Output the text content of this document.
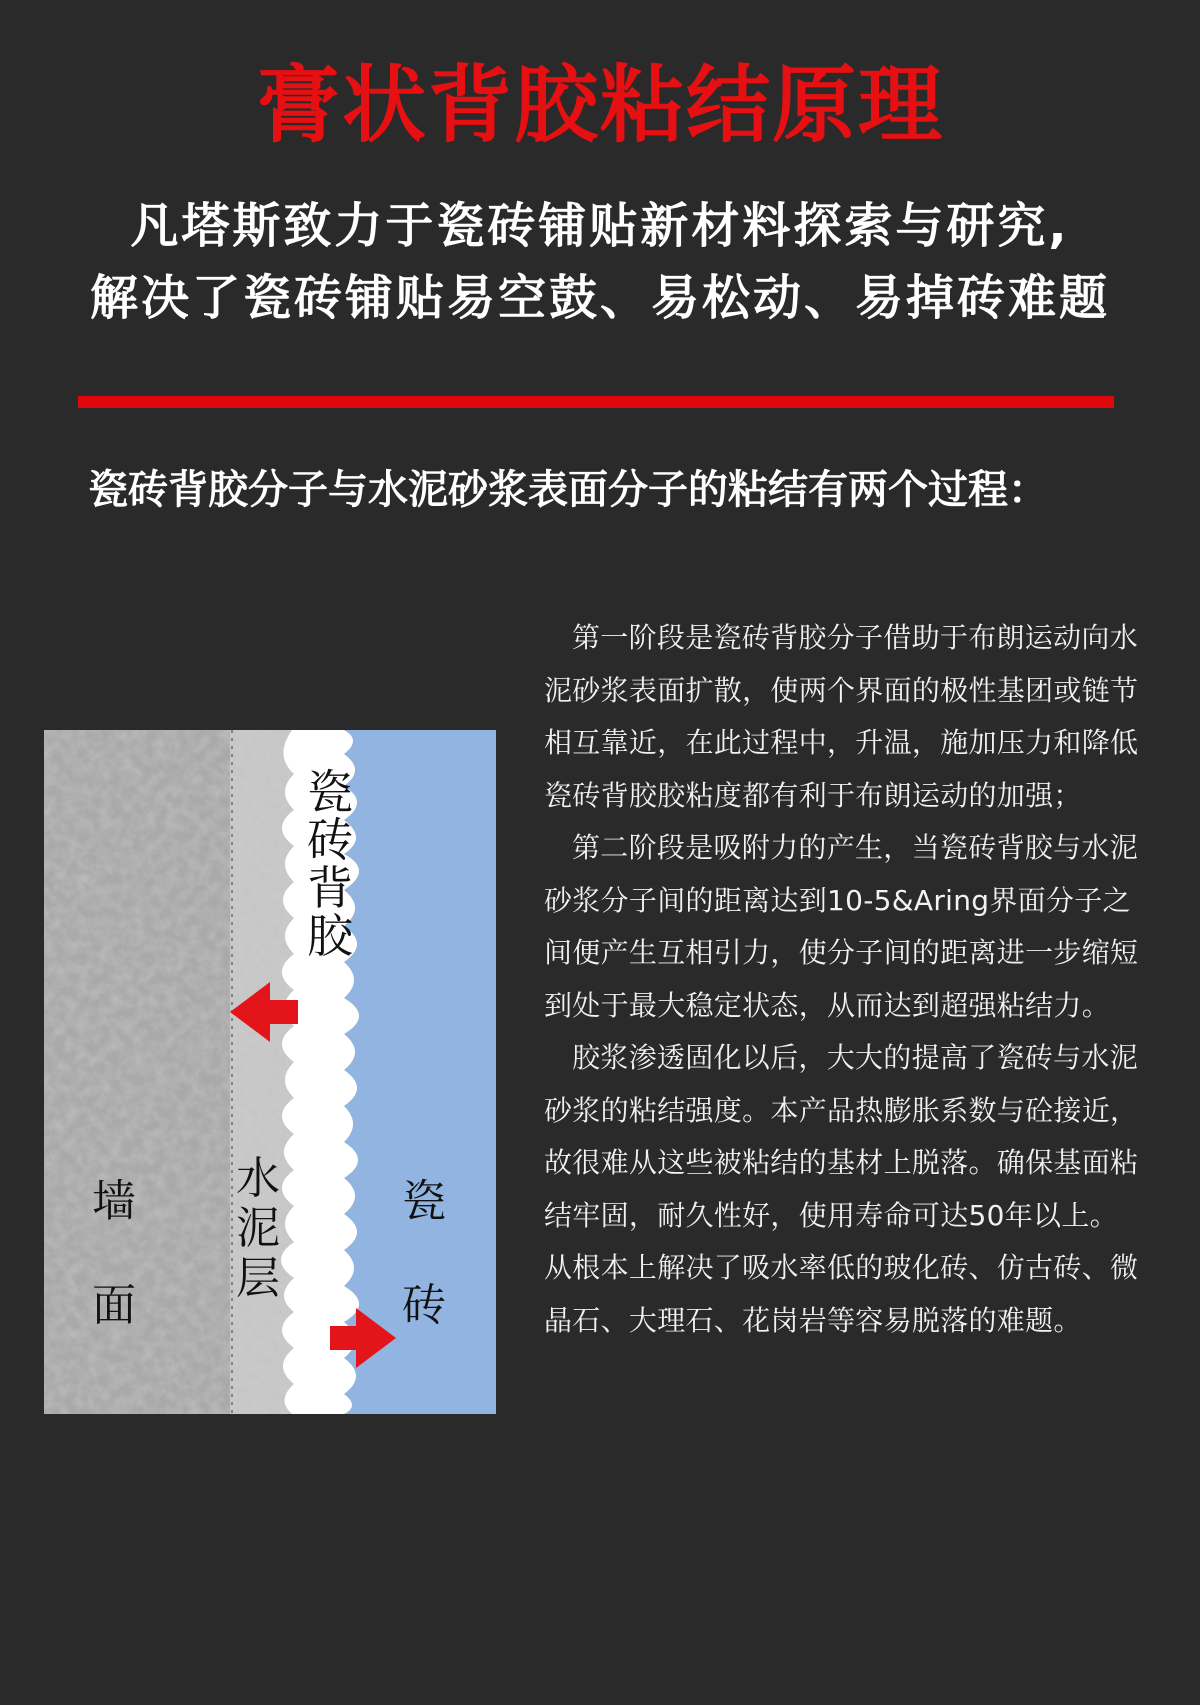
膏状背胶粘结原理
凡塔斯致力于瓷砖铺贴新材料探索与研究,
解决了瓷砖铺贴易空鼓、易松动、易掉砖难题
瓷砖背胶分子与水泥砂浆表面分子的粘结有两个过程：
瓷
砖
背
胶
墙
面
水
泥
层
瓷
砖

第一阶段是瓷砖背胶分子借助于布朗运动向水泥砂浆表面扩散，使两个界面的极性基团或链节相互靠近，在此过程中，升温，施加压力和降低瓷砖背胶胶粘度都有利于布朗运动的加强；

第二阶段是吸附力的产生，当瓷砖背胶与水泥砂浆分子间的距离达到10-5&Aring界面分子之间便产生互相引力，使分子间的距离进一步缩短到处于最大稳定状态，从而达到超强粘结力。

胶浆渗透固化以后，大大的提高了瓷砖与水泥砂浆的粘结强度。本产品热膨胀系数与砼接近，故很难从这些被粘结的基材上脱落。确保基面粘结牢固，耐久性好，使用寿命可达50年以上。从根本上解决了吸水率低的玻化砖、仿古砖、微晶石、大理石、花岗岩等容易脱落的难题。
